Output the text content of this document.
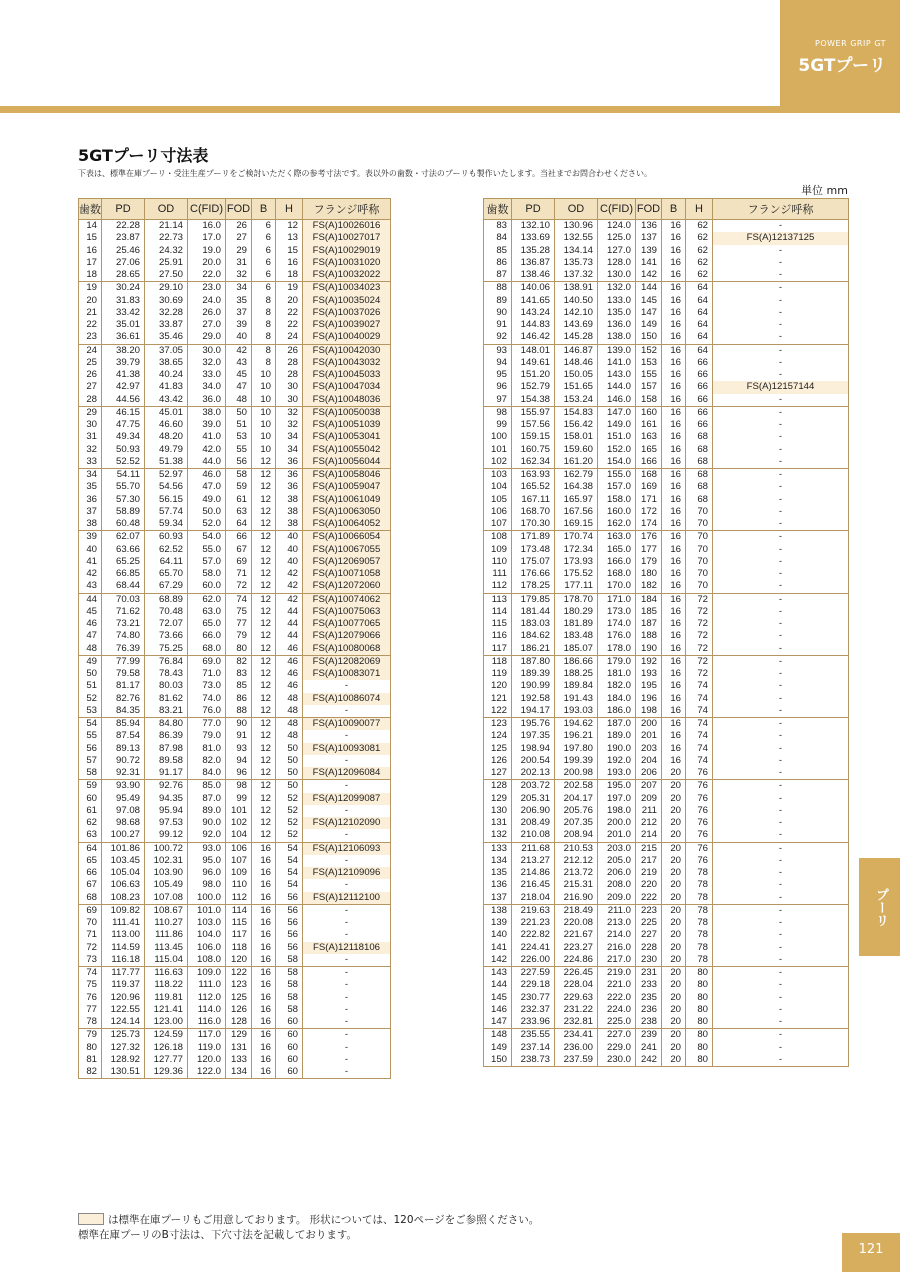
POWER GRIP GT
5GTプーリ
5GTプーリ寸法表
下表は、標準在庫プーリ・受注生産プーリをご検討いただく際の参考寸法です。表以外の歯数・寸法のプーリも製作いたします。当社までお問合わせください。
単位 mm
歯数	PD	OD	C(FID)	FOD	B	H	フランジ呼称
14	22.28	21.14	16.0	26	6	12	FS(A)10026016
15	23.87	22.73	17.0	27	6	13	FS(A)10027017
16	25.46	24.32	19.0	29	6	15	FS(A)10029019
17	27.06	25.91	20.0	31	6	16	FS(A)10031020
18	28.65	27.50	22.0	32	6	18	FS(A)10032022
19	30.24	29.10	23.0	34	6	19	FS(A)10034023
20	31.83	30.69	24.0	35	8	20	FS(A)10035024
21	33.42	32.28	26.0	37	8	22	FS(A)10037026
22	35.01	33.87	27.0	39	8	22	FS(A)10039027
23	36.61	35.46	29.0	40	8	24	FS(A)10040029
24	38.20	37.05	30.0	42	8	26	FS(A)10042030
25	39.79	38.65	32.0	43	8	28	FS(A)10043032
26	41.38	40.24	33.0	45	10	28	FS(A)10045033
27	42.97	41.83	34.0	47	10	30	FS(A)10047034
28	44.56	43.42	36.0	48	10	30	FS(A)10048036
29	46.15	45.01	38.0	50	10	32	FS(A)10050038
30	47.75	46.60	39.0	51	10	32	FS(A)10051039
31	49.34	48.20	41.0	53	10	34	FS(A)10053041
32	50.93	49.79	42.0	55	10	34	FS(A)10055042
33	52.52	51.38	44.0	56	12	36	FS(A)10056044
34	54.11	52.97	46.0	58	12	36	FS(A)10058046
35	55.70	54.56	47.0	59	12	36	FS(A)10059047
36	57.30	56.15	49.0	61	12	38	FS(A)10061049
37	58.89	57.74	50.0	63	12	38	FS(A)10063050
38	60.48	59.34	52.0	64	12	38	FS(A)10064052
39	62.07	60.93	54.0	66	12	40	FS(A)10066054
40	63.66	62.52	55.0	67	12	40	FS(A)10067055
41	65.25	64.11	57.0	69	12	40	FS(A)12069057
42	66.85	65.70	58.0	71	12	42	FS(A)10071058
43	68.44	67.29	60.0	72	12	42	FS(A)12072060
44	70.03	68.89	62.0	74	12	42	FS(A)10074062
45	71.62	70.48	63.0	75	12	44	FS(A)10075063
46	73.21	72.07	65.0	77	12	44	FS(A)10077065
47	74.80	73.66	66.0	79	12	44	FS(A)12079066
48	76.39	75.25	68.0	80	12	46	FS(A)10080068
49	77.99	76.84	69.0	82	12	46	FS(A)12082069
50	79.58	78.43	71.0	83	12	46	FS(A)10083071
51	81.17	80.03	73.0	85	12	46	-
52	82.76	81.62	74.0	86	12	48	FS(A)10086074
53	84.35	83.21	76.0	88	12	48	-
54	85.94	84.80	77.0	90	12	48	FS(A)10090077
55	87.54	86.39	79.0	91	12	48	-
56	89.13	87.98	81.0	93	12	50	FS(A)10093081
57	90.72	89.58	82.0	94	12	50	-
58	92.31	91.17	84.0	96	12	50	FS(A)12096084
59	93.90	92.76	85.0	98	12	50	-
60	95.49	94.35	87.0	99	12	52	FS(A)12099087
61	97.08	95.94	89.0	101	12	52	-
62	98.68	97.53	90.0	102	12	52	FS(A)12102090
63	100.27	99.12	92.0	104	12	52	-
64	101.86	100.72	93.0	106	16	54	FS(A)12106093
65	103.45	102.31	95.0	107	16	54	-
66	105.04	103.90	96.0	109	16	54	FS(A)12109096
67	106.63	105.49	98.0	110	16	54	-
68	108.23	107.08	100.0	112	16	56	FS(A)12112100
69	109.82	108.67	101.0	114	16	56	-
70	111.41	110.27	103.0	115	16	56	-
71	113.00	111.86	104.0	117	16	56	-
72	114.59	113.45	106.0	118	16	56	FS(A)12118106
73	116.18	115.04	108.0	120	16	58	-
74	117.77	116.63	109.0	122	16	58	-
75	119.37	118.22	111.0	123	16	58	-
76	120.96	119.81	112.0	125	16	58	-
77	122.55	121.41	114.0	126	16	58	-
78	124.14	123.00	116.0	128	16	60	-
79	125.73	124.59	117.0	129	16	60	-
80	127.32	126.18	119.0	131	16	60	-
81	128.92	127.77	120.0	133	16	60	-
82	130.51	129.36	122.0	134	16	60	-
歯数	PD	OD	C(FID)	FOD	B	H	フランジ呼称
83	132.10	130.96	124.0	136	16	62	-
84	133.69	132.55	125.0	137	16	62	FS(A)12137125
85	135.28	134.14	127.0	139	16	62	-
86	136.87	135.73	128.0	141	16	62	-
87	138.46	137.32	130.0	142	16	62	-
88	140.06	138.91	132.0	144	16	64	-
89	141.65	140.50	133.0	145	16	64	-
90	143.24	142.10	135.0	147	16	64	-
91	144.83	143.69	136.0	149	16	64	-
92	146.42	145.28	138.0	150	16	64	-
93	148.01	146.87	139.0	152	16	64	-
94	149.61	148.46	141.0	153	16	66	-
95	151.20	150.05	143.0	155	16	66	-
96	152.79	151.65	144.0	157	16	66	FS(A)12157144
97	154.38	153.24	146.0	158	16	66	-
98	155.97	154.83	147.0	160	16	66	-
99	157.56	156.42	149.0	161	16	66	-
100	159.15	158.01	151.0	163	16	68	-
101	160.75	159.60	152.0	165	16	68	-
102	162.34	161.20	154.0	166	16	68	-
103	163.93	162.79	155.0	168	16	68	-
104	165.52	164.38	157.0	169	16	68	-
105	167.11	165.97	158.0	171	16	68	-
106	168.70	167.56	160.0	172	16	70	-
107	170.30	169.15	162.0	174	16	70	-
108	171.89	170.74	163.0	176	16	70	-
109	173.48	172.34	165.0	177	16	70	-
110	175.07	173.93	166.0	179	16	70	-
111	176.66	175.52	168.0	180	16	70	-
112	178.25	177.11	170.0	182	16	70	-
113	179.85	178.70	171.0	184	16	72	-
114	181.44	180.29	173.0	185	16	72	-
115	183.03	181.89	174.0	187	16	72	-
116	184.62	183.48	176.0	188	16	72	-
117	186.21	185.07	178.0	190	16	72	-
118	187.80	186.66	179.0	192	16	72	-
119	189.39	188.25	181.0	193	16	72	-
120	190.99	189.84	182.0	195	16	74	-
121	192.58	191.43	184.0	196	16	74	-
122	194.17	193.03	186.0	198	16	74	-
123	195.76	194.62	187.0	200	16	74	-
124	197.35	196.21	189.0	201	16	74	-
125	198.94	197.80	190.0	203	16	74	-
126	200.54	199.39	192.0	204	16	74	-
127	202.13	200.98	193.0	206	20	76	-
128	203.72	202.58	195.0	207	20	76	-
129	205.31	204.17	197.0	209	20	76	-
130	206.90	205.76	198.0	211	20	76	-
131	208.49	207.35	200.0	212	20	76	-
132	210.08	208.94	201.0	214	20	76	-
133	211.68	210.53	203.0	215	20	76	-
134	213.27	212.12	205.0	217	20	76	-
135	214.86	213.72	206.0	219	20	78	-
136	216.45	215.31	208.0	220	20	78	-
137	218.04	216.90	209.0	222	20	78	-
138	219.63	218.49	211.0	223	20	78	-
139	221.23	220.08	213.0	225	20	78	-
140	222.82	221.67	214.0	227	20	78	-
141	224.41	223.27	216.0	228	20	78	-
142	226.00	224.86	217.0	230	20	78	-
143	227.59	226.45	219.0	231	20	80	-
144	229.18	228.04	221.0	233	20	80	-
145	230.77	229.63	222.0	235	20	80	-
146	232.37	231.22	224.0	236	20	80	-
147	233.96	232.81	225.0	238	20	80	-
148	235.55	234.41	227.0	239	20	80	-
149	237.14	236.00	229.0	241	20	80	-
150	238.73	237.59	230.0	242	20	80	-
は標準在庫プーリもご用意しております。 形状については、120ページをご参照ください。
標準在庫プーリのB寸法は、下穴寸法を記載しております。
プーリ
121
